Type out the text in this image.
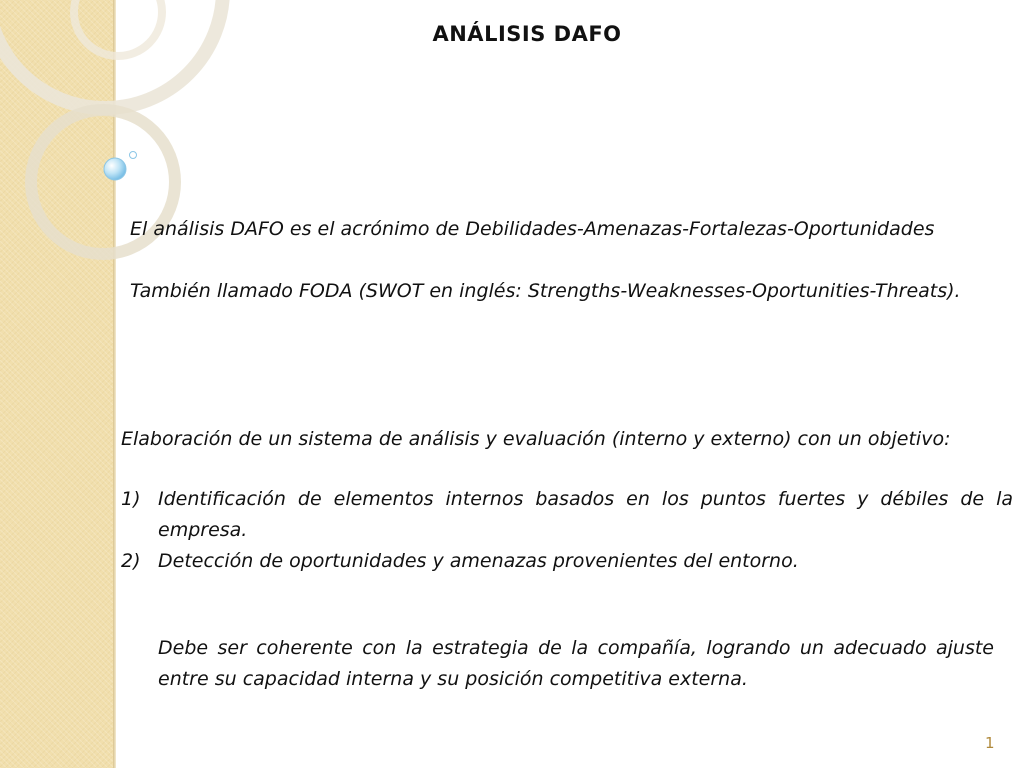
ANÁLISIS DAFO

El análisis DAFO es el acrónimo de Debilidades-Amenazas-Fortalezas-Oportunidades

También llamado FODA (SWOT en inglés: Strengths-Weaknesses-Oportunities-Threats).

Elaboración de un sistema de análisis y evaluación (interno y externo) con un objetivo:

1) Identificación de elementos internos basados en los puntos fuertes y débiles de la empresa.
2) Detección de oportunidades y amenazas provenientes del entorno.

Debe ser coherente con la estrategia de la compañía, logrando un adecuado ajuste entre su capacidad interna y su posición competitiva externa.

1
